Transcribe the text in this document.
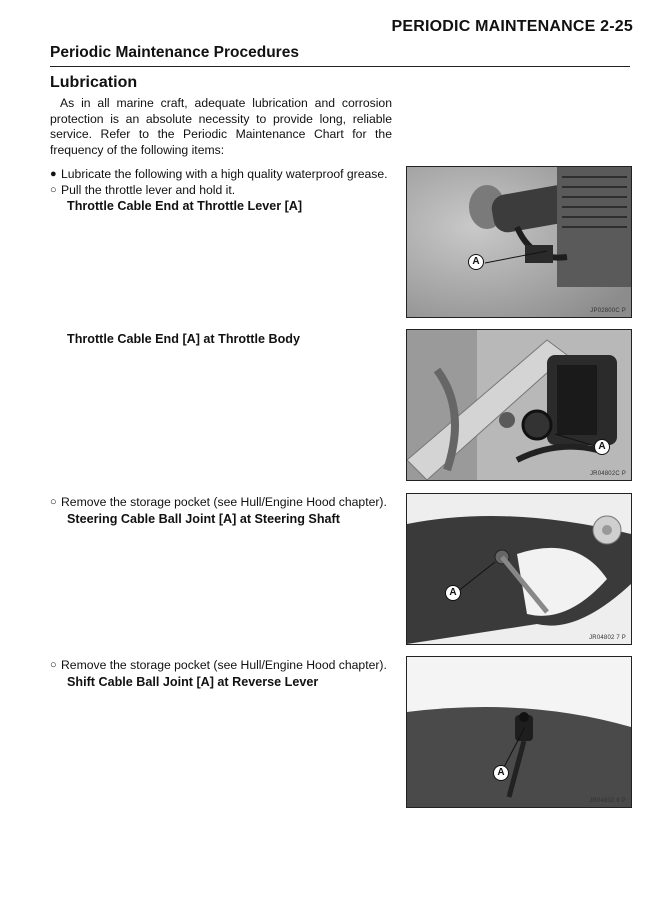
PERIODIC MAINTENANCE 2-25
Periodic Maintenance Procedures
Lubrication

As in all marine craft, adequate lubrication and corrosion protection is an absolute necessity to provide long, reliable service. Refer to the Periodic Maintenance Chart for the frequency of the following items:

● Lubricate the following with a high quality waterproof grease.
○ Pull the throttle lever and hold it.
Throttle Cable End at Throttle Lever [A]
A
JP02800C P
Throttle Cable End [A] at Throttle Body
A
JR04802C P
○ Remove the storage pocket (see Hull/Engine Hood chapter).
Steering Cable Ball Joint [A] at Steering Shaft
A
JR04802 7 P
○ Remove the storage pocket (see Hull/Engine Hood chapter).
Shift Cable Ball Joint [A] at Reverse Lever
A
JR04802 8 P
